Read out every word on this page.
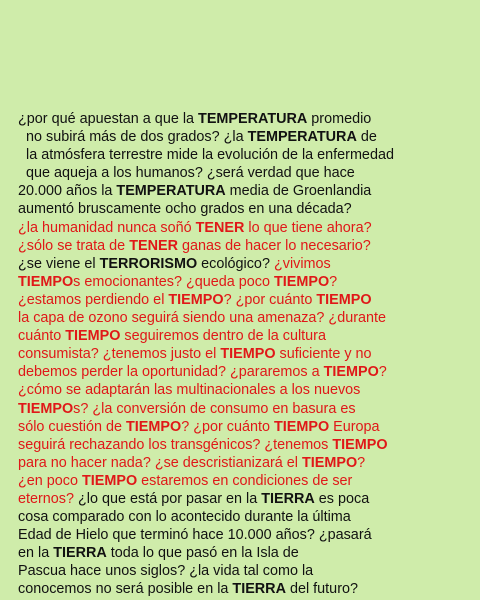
¿por qué apuestan a que la TEMPERATURA promedio
no subirá más de dos grados? ¿la TEMPERATURA de
la atmósfera terrestre mide la evolución de la enfermedad
que aqueja a los humanos? ¿será verdad que hace
20.000 años la TEMPERATURA media de Groenlandia
aumentó bruscamente ocho grados en una década?
¿la humanidad nunca soñó TENER lo que tiene ahora?
¿sólo se trata de TENER ganas de hacer lo necesario?
¿se viene el TERRORISMO ecológico? ¿vivimos
TIEMPOs emocionantes? ¿queda poco TIEMPO?
¿estamos perdiendo el TIEMPO? ¿por cuánto TIEMPO
la capa de ozono seguirá siendo una amenaza? ¿durante
cuánto TIEMPO seguiremos dentro de la cultura
consumista? ¿tenemos justo el TIEMPO suficiente y no
debemos perder la oportunidad? ¿pararemos a TIEMPO?
¿cómo se adaptarán las multinacionales a los nuevos
TIEMPOs? ¿la conversión de consumo en basura es
sólo cuestión de TIEMPO? ¿por cuánto TIEMPO Europa
seguirá rechazando los transgénicos? ¿tenemos TIEMPO
para no hacer nada? ¿se descristianizará el TIEMPO?
¿en poco TIEMPO estaremos en condiciones de ser
eternos? ¿lo que está por pasar en la TIERRA es poca
cosa comparado con lo acontecido durante la última
Edad de Hielo que terminó hace 10.000 años? ¿pasará
en la TIERRA toda lo que pasó en la Isla de
Pascua hace unos siglos? ¿la vida tal como la
conocemos no será posible en la TIERRA del futuro?
